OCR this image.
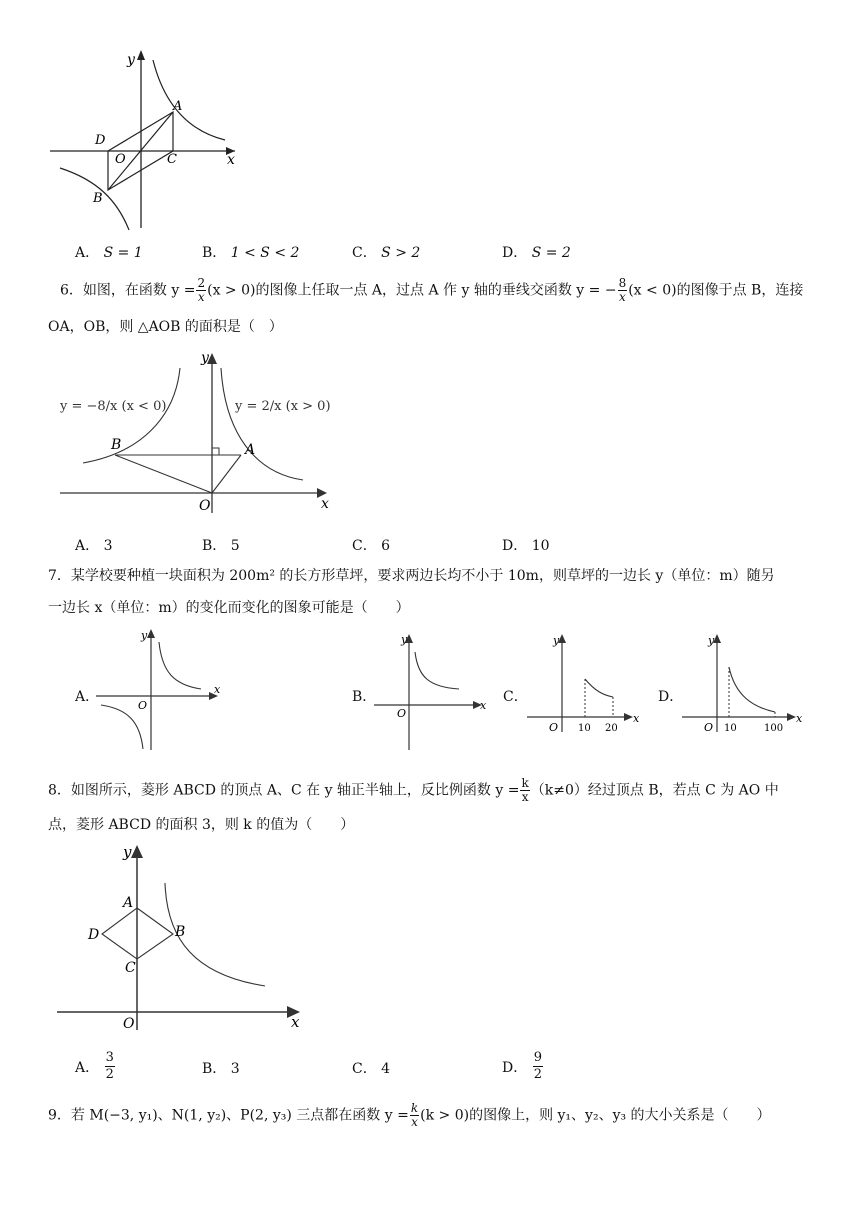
y
x
A
D
O	C
B
A． S = 1	B． 1 < S < 2	C． S > 2	D． S = 2
6．如图，在函数 $y = \frac{2}{x} (x > 0)$的图像上任取一点 A，过点 A 作 y 轴的垂线交函数 y = − $\frac{8}{x} (x < 0)$的图像于点 B，连接
OA，OB，则 △AOB 的面积是（　）
y = −8/x (x < 0)	y = 2/x (x > 0)
y
x
B	A
O
A． 3	B． 5	C． 6	D． 10
7．某学校要种植一块面积为 200m² 的长方形草坪，要求两边长均不小于 10m，则草坪的一边长 y（单位：m）随另
一边长 x（单位：m）的变化而变化的图象可能是（　　）
A．
y
x
O
B．
y
x
O
C．
y
x
O 10 20
D．
y
x
O 10	100
8．如图所示，菱形 ABCD 的顶点 A、C 在 y 轴正半轴上，反比例函数 $y = \frac{k}{x} (k\ne 0)$经过顶点 B，若点 C 为 AO 中
点，菱形 ABCD 的面积 3，则 k 的值为（　　）
y
x
A
D	B
C
O
A．
$\frac{3}{2}$	B． 3	C． 4	D．
$\frac{9}{2}$
9．若 M(−3, y₁)、N(1, y₂)、P(2, y₃) 三点都在函数 $y = \frac{k}{x} (k > 0)$的图像上，则 y₁、y₂、y₃ 的大小关系是（　　）
